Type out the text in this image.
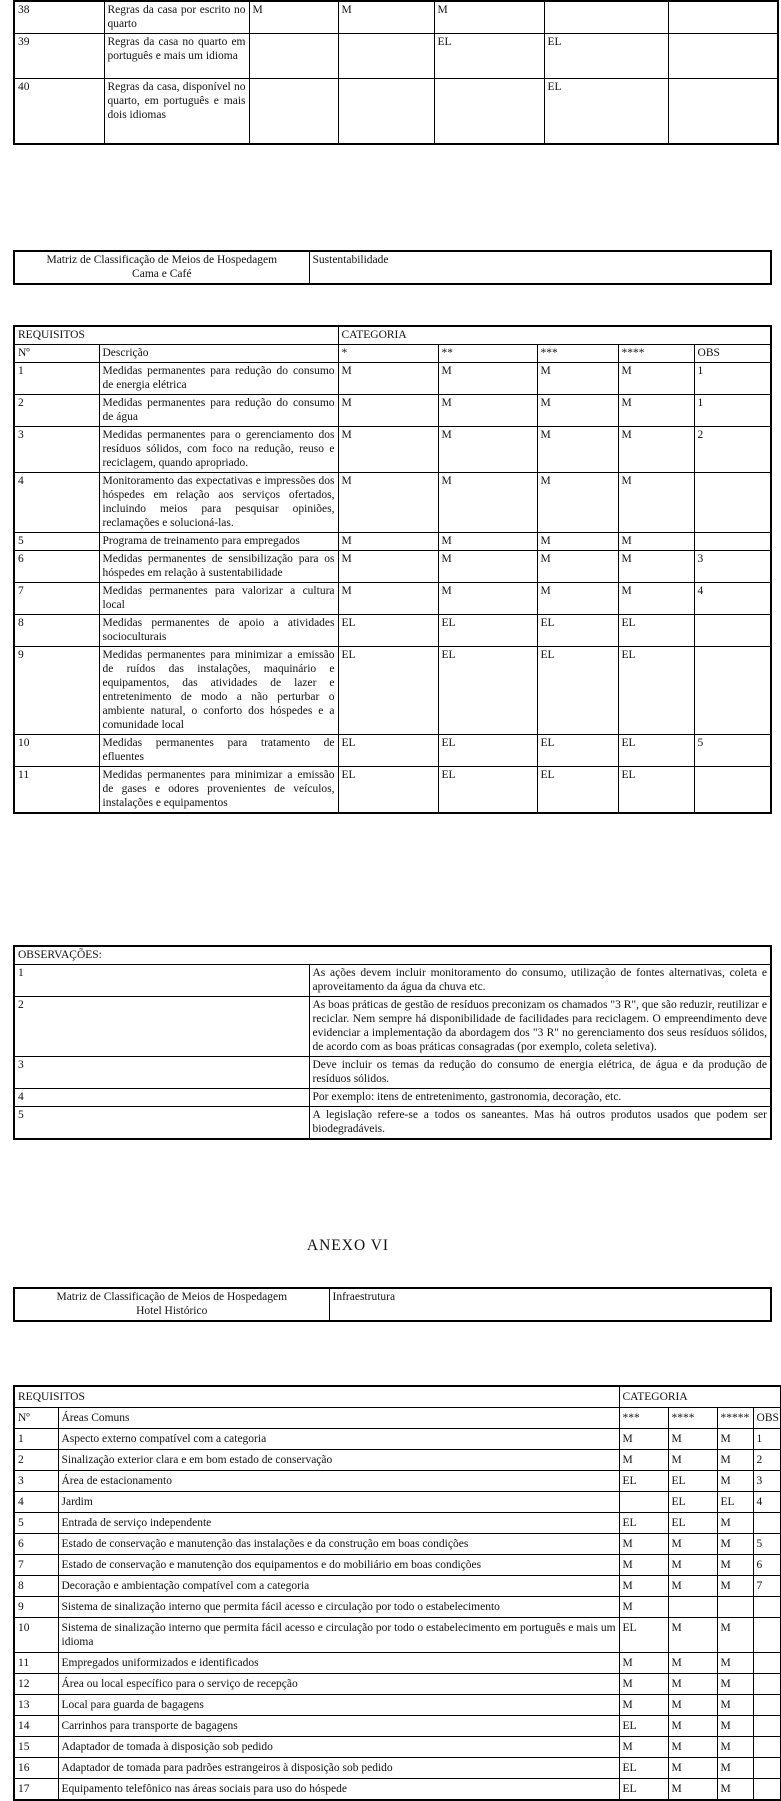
38	Regras da casa por escrito no quarto	M	M	M		
39	Regras da casa no quarto em português e mais um idioma			EL	EL	
40	Regras da casa, disponível no quarto, em português e mais dois idiomas				EL	
Matriz de Classificação de Meios de Hospedagem
Cama e Café
	Sustentabilidade
REQUISITOS		CATEGORIA				
Nº	Descrição	*	**	***	****	OBS
1	Medidas permanentes para redução do consumo de energia elétrica	M	M	M	M	1
2	Medidas permanentes para redução do consumo de água	M	M	M	M	1
3	Medidas permanentes para o gerenciamento dos resíduos sólidos, com foco na redução, reuso e reciclagem, quando apropriado.	M	M	M	M	2
4	Monitoramento das expectativas e impressões dos hóspedes em relação aos serviços ofertados, incluindo meios para pesquisar opiniões, reclamações e solucioná-las.	M	M	M	M	
5	Programa de treinamento para empregados	M	M	M	M	
6	Medidas permanentes de sensibilização para os hóspedes em relação à sustentabilidade	M	M	M	M	3
7	Medidas permanentes para valorizar a cultura local	M	M	M	M	4
8	Medidas permanentes de apoio a atividades socioculturais	EL	EL	EL	EL	
9	Medidas permanentes para minimizar a emissão de ruídos das instalações, maquinário e equipamentos, das atividades de lazer e entretenimento de modo a não perturbar o ambiente natural, o conforto dos hóspedes e a comunidade local	EL	EL	EL	EL	
10	Medidas permanentes para tratamento de efluentes	EL	EL	EL	EL	5
11	Medidas permanentes para minimizar a emissão de gases e odores provenientes de veículos, instalações e equipamentos	EL	EL	EL	EL	
OBSERVAÇÕES:	
1	As ações devem incluir monitoramento do consumo, utilização de fontes alternativas, coleta e aproveitamento da água da chuva etc.
2	As boas práticas de gestão de resíduos preconizam os chamados "3 R", que são reduzir, reutilizar e reciclar. Nem sempre há disponibilidade de facilidades para reciclagem. O empreendimento deve evidenciar a implementação da abordagem dos "3 R" no gerenciamento dos seus resíduos sólidos, de acordo com as boas práticas consagradas (por exemplo, coleta seletiva).
3	Deve incluir os temas da redução do consumo de energia elétrica, de água e da produção de resíduos sólidos.
4	Por exemplo: itens de entretenimento, gastronomia, decoração, etc.
5	A legislação refere-se a todos os saneantes. Mas há outros produtos usados que podem ser biodegradáveis.
ANEXO VI
Matriz de Classificação de Meios de Hospedagem
Hotel Histórico
	Infraestrutura
REQUISITOS		CATEGORIA			
Nº	Áreas Comuns	***	****	*****	OBS
1	Aspecto externo compatível com a categoria	M	M	M	1
2	Sinalização exterior clara e em bom estado de conservação	M	M	M	2
3	Área de estacionamento	EL	EL	M	3
4	Jardim		EL	EL	4
5	Entrada de serviço independente	EL	EL	M	
6	Estado de conservação e manutenção das instalações e da construção em boas condições	M	M	M	5
7	Estado de conservação e manutenção dos equipamentos e do mobiliário em boas condições	M	M	M	6
8	Decoração e ambientação compatível com a categoria	M	M	M	7
9	Sistema de sinalização interno que permita fácil acesso e circulação por todo o estabelecimento	M			
10	Sistema de sinalização interno que permita fácil acesso e circulação por todo o estabelecimento em português e mais um idioma	EL	M	M	
11	Empregados uniformizados e identificados	M	M	M	
12	Área ou local específico para o serviço de recepção	M	M	M	
13	Local para guarda de bagagens	M	M	M	
14	Carrinhos para transporte de bagagens	EL	M	M	
15	Adaptador de tomada à disposição sob pedido	M	M	M	
16	Adaptador de tomada para padrões estrangeiros à disposição sob pedido	EL	M	M	
17	Equipamento telefônico nas áreas sociais para uso do hóspede	EL	M	M	
